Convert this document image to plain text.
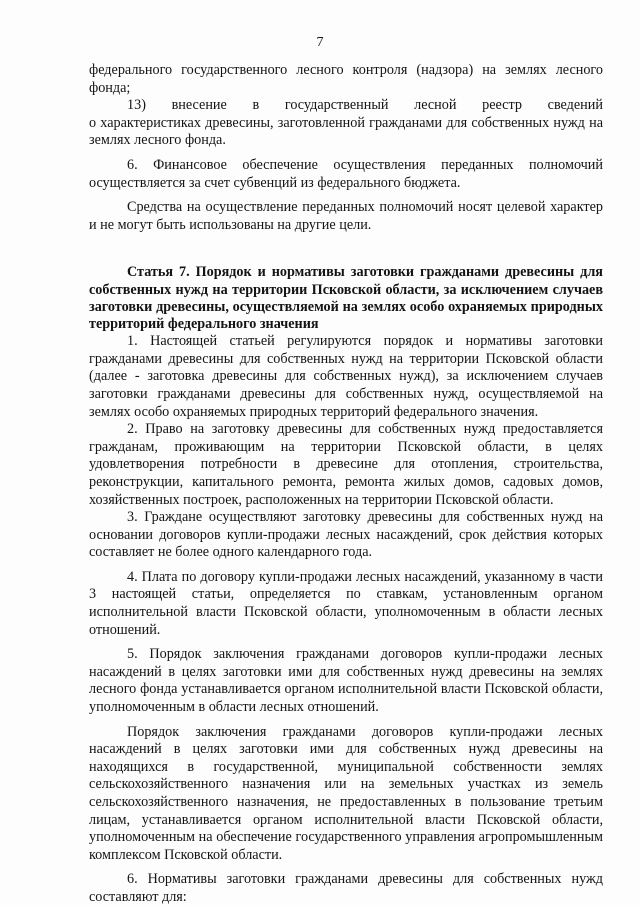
7

федерального государственного лесного контроля (надзора) на землях лесного фонда;

13) внесение в государственный лесной реестр сведений

о характеристиках древесины, заготовленной гражданами для собственных нужд на землях лесного фонда.

6. Финансовое обеспечение осуществления переданных полномочий осуществляется за счет субвенций из федерального бюджета.

Средства на осуществление переданных полномочий носят целевой характер и не могут быть использованы на другие цели.

Статья 7. Порядок и нормативы заготовки гражданами древесины для собственных нужд на территории Псковской области, за исключением случаев заготовки древесины, осуществляемой на землях особо охраняемых природных территорий федерального значения

1. Настоящей статьей регулируются порядок и нормативы заготовки гражданами древесины для собственных нужд на территории Псковской области (далее - заготовка древесины для собственных нужд), за исключением случаев заготовки гражданами древесины для собственных нужд, осуществляемой на землях особо охраняемых природных территорий федерального значения.

2. Право на заготовку древесины для собственных нужд предоставляется гражданам, проживающим на территории Псковской области, в целях удовлетворения потребности в древесине для отопления, строительства, реконструкции, капитального ремонта, ремонта жилых домов, садовых домов, хозяйственных построек, расположенных на территории Псковской области.

3. Граждане осуществляют заготовку древесины для собственных нужд на основании договоров купли-продажи лесных насаждений, срок действия которых составляет не более одного календарного года.

4. Плата по договору купли-продажи лесных насаждений, указанному в части 3 настоящей статьи, определяется по ставкам, установленным органом исполнительной власти Псковской области, уполномоченным в области лесных отношений.

5. Порядок заключения гражданами договоров купли-продажи лесных насаждений в целях заготовки ими для собственных нужд древесины на землях лесного фонда устанавливается органом исполнительной власти Псковской области, уполномоченным в области лесных отношений.

Порядок заключения гражданами договоров купли-продажи лесных насаждений в целях заготовки ими для собственных нужд древесины на находящихся в государственной, муниципальной собственности землях сельскохозяйственного назначения или на земельных участках из земель сельскохозяйственного назначения, не предоставленных в пользование третьим лицам, устанавливается органом исполнительной власти Псковской области, уполномоченным на обеспечение государственного управления агропромышленным комплексом Псковской области.

6. Нормативы заготовки гражданами древесины для собственных нужд составляют для:
